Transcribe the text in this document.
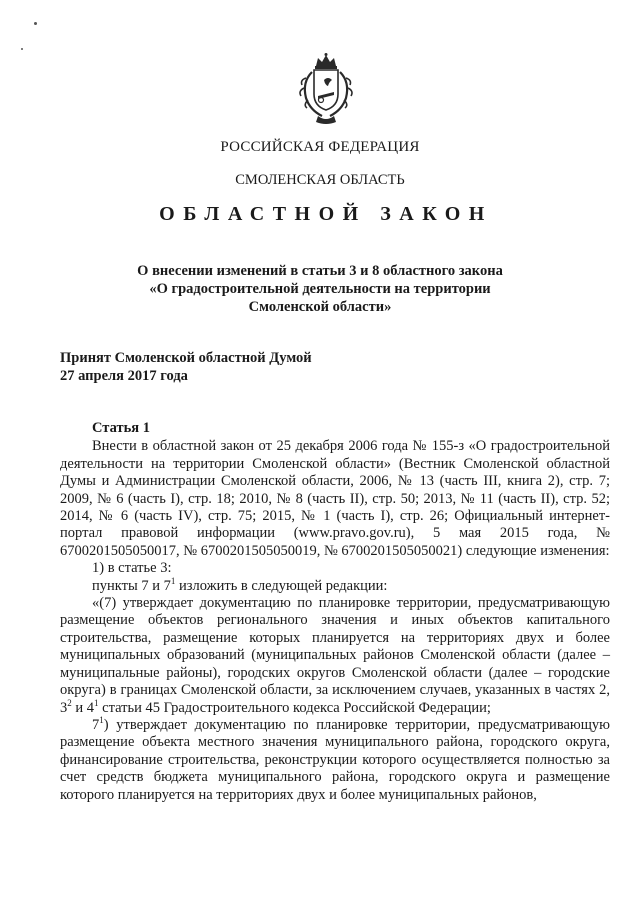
РОССИЙСКАЯ ФЕДЕРАЦИЯ
СМОЛЕНСКАЯ ОБЛАСТЬ
ОБЛАСТНОЙ ЗАКОН
О внесении изменений в статьи 3 и 8 областного закона
«О градостроительной деятельности на территории
Смоленской области»
Принят Смоленской областной Думой
27 апреля 2017 года

Статья 1

Внести в областной закон от 25 декабря 2006 года № 155-з «О градостроительной деятельности на территории Смоленской области» (Вестник Смоленской областной Думы и Администрации Смоленской области, 2006, № 13 (часть III, книга 2), стр. 7; 2009, № 6 (часть I), стр. 18; 2010, № 8 (часть II), стр. 50; 2013, № 11 (часть II), стр. 52; 2014, № 6 (часть IV), стр. 75; 2015, № 1 (часть I), стр. 26; Официальный интернет-портал правовой информации (www.pravo.gov.ru), 5 мая 2015 года, № 6700201505050017, № 6700201505050019, № 6700201505050021) следующие изменения:

1) в статье 3:

пункты 7 и $7^1$ изложить в следующей редакции:

«(7) утверждает документацию по планировке территории, предусматривающую размещение объектов регионального значения и иных объектов капитального строительства, размещение которых планируется на территориях двух и более муниципальных образований (муниципальных районов Смоленской области (далее – муниципальные районы), городских округов Смоленской области (далее – городские округа) в границах Смоленской области, за исключением случаев, указанных в частях 2, $3^2$ и $4^1$ статьи 45 Градостроительного кодекса Российской Федерации;

$7^1$) утверждает документацию по планировке территории, предусматривающую размещение объекта местного значения муниципального района, городского округа, финансирование строительства, реконструкции которого осуществляется полностью за счет средств бюджета муниципального района, городского округа и размещение которого планируется на территориях двух и более муниципальных районов,
